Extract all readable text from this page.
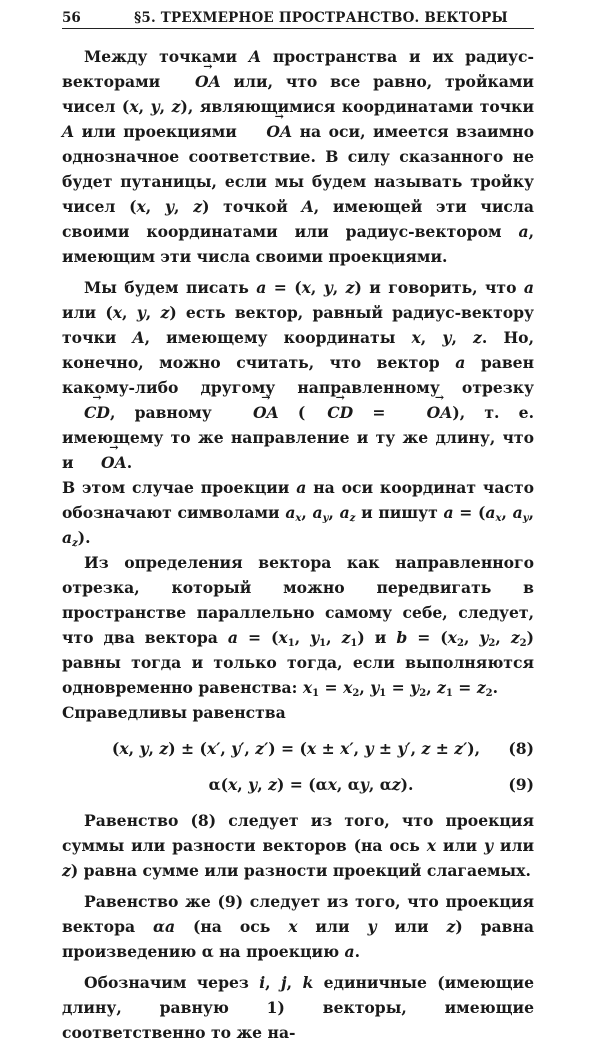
56	§5. ТРЕХМЕРНОЕ ПРОСТРАНСТВО. ВЕКТОРЫ

Между точками A пространства и их радиус-векторами → OA или, что все равно, тройками чисел (x, y, z), являющимися координатами точки A или проекциями → OA на оси, имеется взаимно однозначное соответствие. В силу сказанного не будет путаницы, если мы будем называть тройку чисел (x, y, z) точкой A, имеющей эти числа своими координатами или радиус-вектором a, имеющим эти числа своими проекциями.

Мы будем писать a = (x, y, z) и говорить, что a или (x, y, z) есть вектор, равный радиус-вектору точки A, имеющему координаты x, y, z. Но, конечно, можно считать, что вектор a равен какому-либо другому направленному отрезку → CD, равному → OA ( → CD = → OA), т. е. имеющему то же направление и ту же длину, что и → OA.

В этом случае проекции a на оси координат часто обозначают символами $a_x$, $a_y$, $a_z$ и пишут $a = (a_x$, $a_y$, $a_z$).

Из определения вектора как направленного отрезка, который можно передвигать в пространстве параллельно самому себе, следует, что два вектора $a = (x_1$, $y_1$, $z_1$) и $b = (x_2$, $y_2$, $z_2$) равны тогда и только тогда, если выполняются одновременно равенства: $x_1 = x_2$, $y_1 = y_2$, $z_1 = z_2$.

Справедливы равенства

(x, y, z) ± (x′, y′, z′) = (x ± x′, y ± y′, z ± z′),	(8)
α(x, y, z) = (αx, αy, αz).	(9)

Равенство (8) следует из того, что проекция суммы или разности векторов (на ось x или y или z) равна сумме или разности проекций слагаемых.

Равенство же (9) следует из того, что проекция вектора αa (на ось x или y или z) равна произведению α на проекцию a.

Обозначим через i, j, k единичные (имеющие длину, равную 1) векторы, имеющие соответственно то же на-
